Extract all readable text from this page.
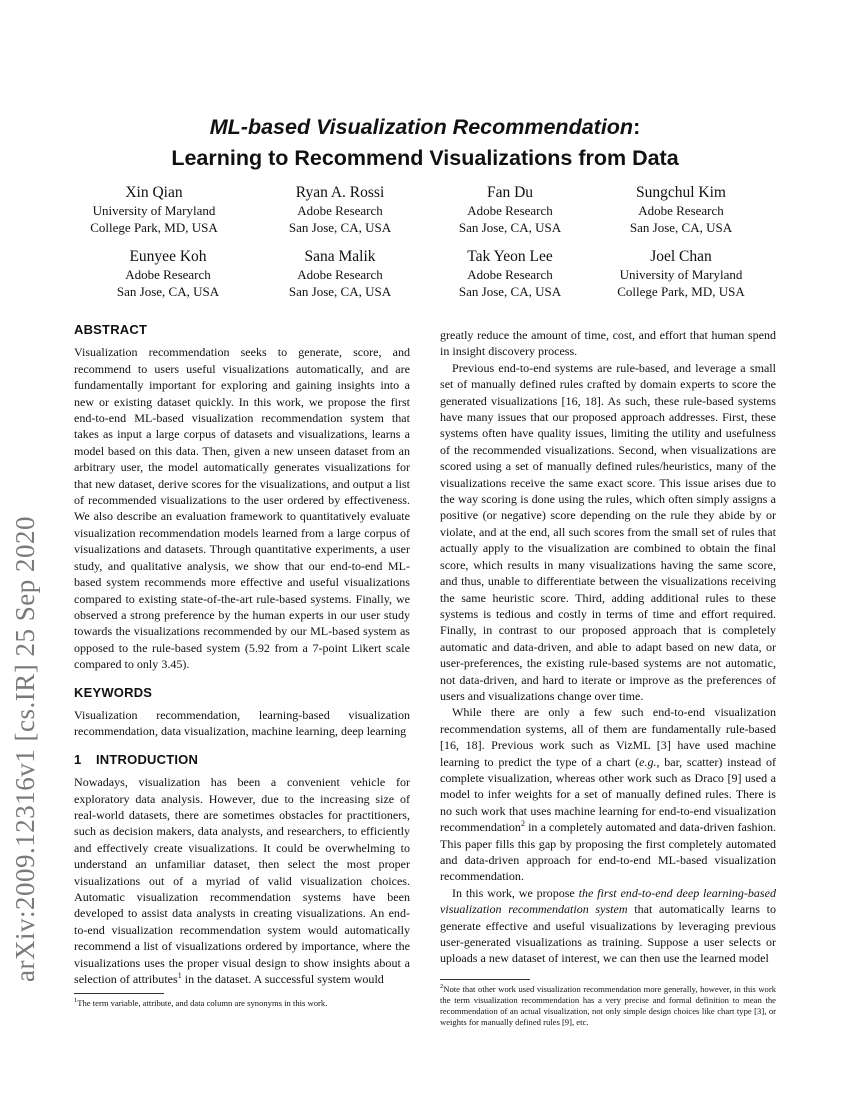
arXiv:2009.12316v1 [cs.IR] 25 Sep 2020
ML-based Visualization Recommendation:
Learning to Recommend Visualizations from Data
Xin Qian
University of Maryland
College Park, MD, USA
Ryan A. Rossi
Adobe Research
San Jose, CA, USA
Fan Du
Adobe Research
San Jose, CA, USA
Sungchul Kim
Adobe Research
San Jose, CA, USA
Eunyee Koh
Adobe Research
San Jose, CA, USA
Sana Malik
Adobe Research
San Jose, CA, USA
Tak Yeon Lee
Adobe Research
San Jose, CA, USA
Joel Chan
University of Maryland
College Park, MD, USA
ABSTRACT

Visualization recommendation seeks to generate, score, and recommend to users useful visualizations automatically, and are fundamentally important for exploring and gaining insights into a new or existing dataset quickly. In this work, we propose the first end-to-end ML-based visualization recommendation system that takes as input a large corpus of datasets and visualizations, learns a model based on this data. Then, given a new unseen dataset from an arbitrary user, the model automatically generates visualizations for that new dataset, derive scores for the visualizations, and output a list of recommended visualizations to the user ordered by effectiveness. We also describe an evaluation framework to quantitatively evaluate visualization recommendation models learned from a large corpus of visualizations and datasets. Through quantitative experiments, a user study, and qualitative analysis, we show that our end-to-end ML-based system recommends more effective and useful visualizations compared to existing state-of-the-art rule-based systems. Finally, we observed a strong preference by the human experts in our user study towards the visualizations recommended by our ML-based system as opposed to the rule-based system (5.92 from a 7-point Likert scale compared to only 3.45).

KEYWORDS

Visualization recommendation, learning-based visualization recommendation, data visualization, machine learning, deep learning

1 INTRODUCTION

Nowadays, visualization has been a convenient vehicle for exploratory data analysis. However, due to the increasing size of real-world datasets, there are sometimes obstacles for practitioners, such as decision makers, data analysts, and researchers, to efficiently and effectively create visualizations. It could be overwhelming to understand an unfamiliar dataset, then select the most proper visualizations out of a myriad of valid visualization choices. Automatic visualization recommendation systems have been developed to assist data analysts in creating visualizations. An end-to-end visualization recommendation system would automatically recommend a list of visualizations ordered by importance, where the visualizations uses the proper visual design to show insights about a selection of attributes$^1$ in the dataset. A successful system would

$^1$The term variable, attribute, and data column are synonyms in this work.

greatly reduce the amount of time, cost, and effort that human spend in insight discovery process.

Previous end-to-end systems are rule-based, and leverage a small set of manually defined rules crafted by domain experts to score the generated visualizations [16, 18]. As such, these rule-based systems have many issues that our proposed approach addresses. First, these systems often have quality issues, limiting the utility and usefulness of the recommended visualizations. Second, when visualizations are scored using a set of manually defined rules/heuristics, many of the visualizations receive the same exact score. This issue arises due to the way scoring is done using the rules, which often simply assigns a positive (or negative) score depending on the rule they abide by or violate, and at the end, all such scores from the small set of rules that actually apply to the visualization are combined to obtain the final score, which results in many visualizations having the same score, and thus, unable to differentiate between the visualizations receiving the same heuristic score. Third, adding additional rules to these systems is tedious and costly in terms of time and effort required. Finally, in contrast to our proposed approach that is completely automatic and data-driven, and able to adapt based on new data, or user-preferences, the existing rule-based systems are not automatic, not data-driven, and hard to iterate or improve as the preferences of users and visualizations change over time.

While there are only a few such end-to-end visualization recommendation systems, all of them are fundamentally rule-based [16, 18]. Previous work such as VizML [3] have used machine learning to predict the type of a chart (e.g., bar, scatter) instead of complete visualization, whereas other work such as Draco [9] used a model to infer weights for a set of manually defined rules. There is no such work that uses machine learning for end-to-end visualization recommendation$^2$ in a completely automated and data-driven fashion. This paper fills this gap by proposing the first completely automated and data-driven approach for end-to-end ML-based visualization recommendation.

In this work, we propose the first end-to-end deep learning-based visualization recommendation system that automatically learns to generate effective and useful visualizations by leveraging previous user-generated visualizations as training. Suppose a user selects or uploads a new dataset of interest, we can then use the learned model

$^2$Note that other work used visualization recommendation more generally, however, in this work the term visualization recommendation has a very precise and formal definition to mean the recommendation of an actual visualization, not only simple design choices like chart type [3], or weights for manually defined rules [9], etc.
